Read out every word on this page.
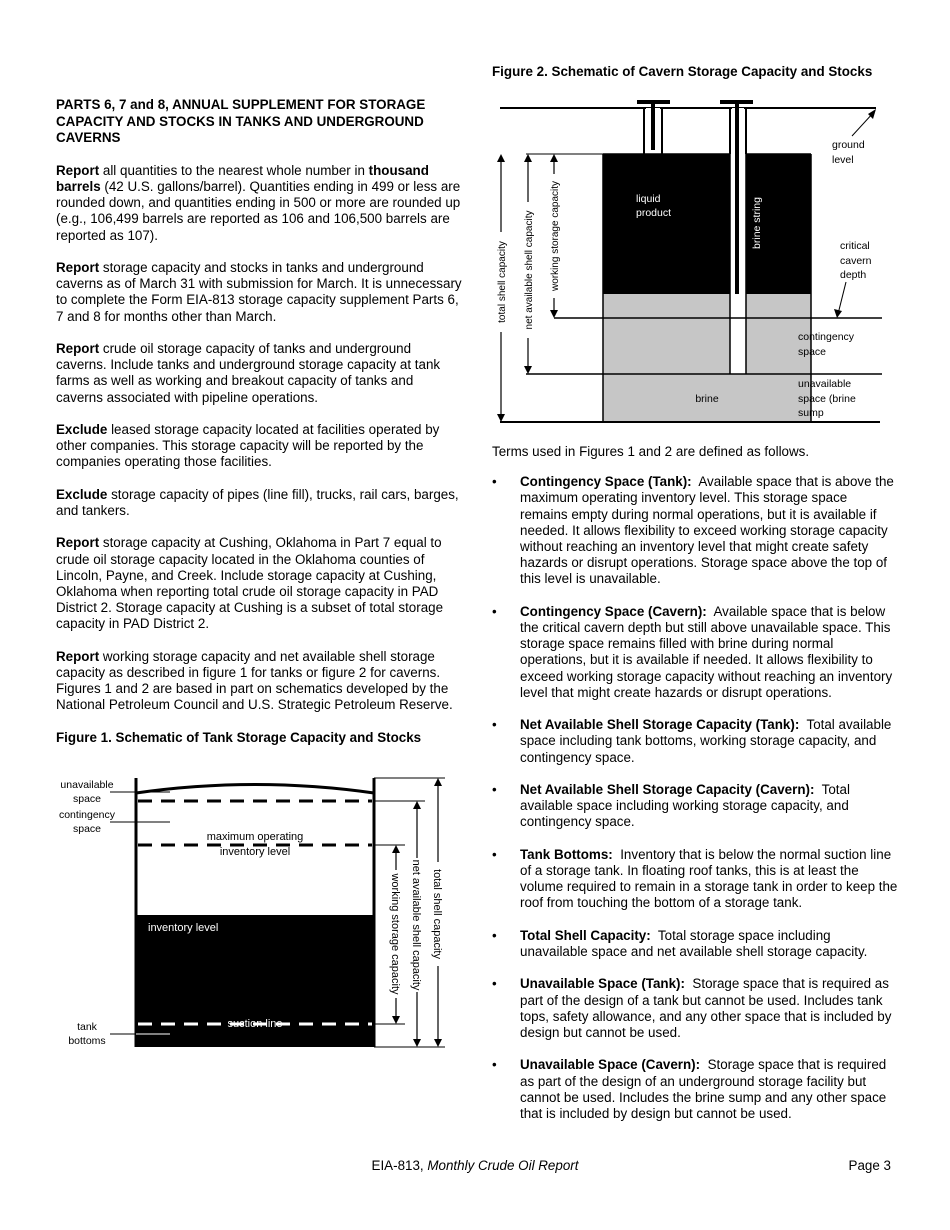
PARTS 6, 7 and 8, ANNUAL SUPPLEMENT FOR STORAGE CAPACITY AND STOCKS IN TANKS AND UNDERGROUND CAVERNS

Report all quantities to the nearest whole number in thousand barrels (42 U.S. gallons/barrel). Quantities ending in 499 or less are rounded down, and quantities ending in 500 or more are rounded up (e.g., 106,499 barrels are reported as 106 and 106,500 barrels are reported as 107).

Report storage capacity and stocks in tanks and underground caverns as of March 31 with submission for March. It is unnecessary to complete the Form EIA-813 storage capacity supplement Parts 6, 7 and 8 for months other than March.

Report crude oil storage capacity of tanks and underground caverns. Include tanks and underground storage capacity at tank farms as well as working and breakout capacity of tanks and caverns associated with pipeline operations.

Exclude leased storage capacity located at facilities operated by other companies. This storage capacity will be reported by the companies operating those facilities.

Exclude storage capacity of pipes (line fill), trucks, rail cars, barges, and tankers.

Report storage capacity at Cushing, Oklahoma in Part 7 equal to crude oil storage capacity located in the Oklahoma counties of Lincoln, Payne, and Creek. Include storage capacity at Cushing, Oklahoma when reporting total crude oil storage capacity in PAD District 2. Storage capacity at Cushing is a subset of total storage capacity in PAD District 2.

Report working storage capacity and net available shell storage capacity as described in figure 1 for tanks or figure 2 for caverns. Figures 1 and 2 are based in part on schematics developed by the National Petroleum Council and U.S. Strategic Petroleum Reserve.

Figure 1. Schematic of Tank Storage Capacity and Stocks
unavailable
space
contingency
space
tank
bottoms
maximum operating
inventory level
inventory level
suction line
working storage capacity net available shell capacity total shell capacity
Figure 2. Schematic of Cavern Storage Capacity and Stocks
total shell capacity net available shell capacity working storage capacity	liquid
product	brine string
brine
ground
level
critical
cavern
depth
contingency
space
unavailable
space (brine
sump

Terms used in Figures 1 and 2 are defined as follows.

• Contingency Space (Tank): Available space that is above the maximum operating inventory level. This storage space remains empty during normal operations, but it is available if needed. It allows flexibility to exceed working storage capacity without reaching an inventory level that might create safety hazards or disrupt operations. Storage space above the top of this level is unavailable.
• Contingency Space (Cavern): Available space that is below the critical cavern depth but still above unavailable space. This storage space remains filled with brine during normal operations, but it is available if needed. It allows flexibility to exceed working storage capacity without reaching an inventory level that might create hazards or disrupt operations.
• Net Available Shell Storage Capacity (Tank): Total available space including tank bottoms, working storage capacity, and contingency space.
• Net Available Shell Storage Capacity (Cavern): Total available space including working storage capacity, and contingency space.
• Tank Bottoms: Inventory that is below the normal suction line of a storage tank. In floating roof tanks, this is at least the volume required to remain in a storage tank in order to keep the roof from touching the bottom of a storage tank.
• Total Shell Capacity: Total storage space including unavailable space and net available shell storage capacity.
• Unavailable Space (Tank): Storage space that is required as part of the design of a tank but cannot be used. Includes tank tops, safety allowance, and any other space that is included by design but cannot be used.
• Unavailable Space (Cavern): Storage space that is required as part of the design of an underground storage facility but cannot be used. Includes the brine sump and any other space that is included by design but cannot be used.
EIA-813, Monthly Crude Oil Report	Page 3
